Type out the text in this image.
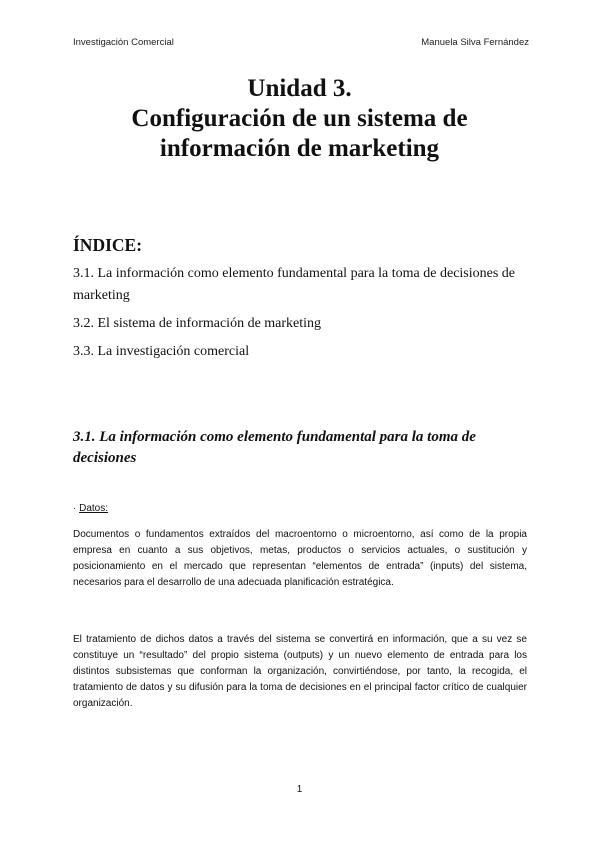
Investigación Comercial	Manuela Silva Fernández
Unidad 3.
Configuración de un sistema de
información de marketing
ÍNDICE:
3.1. La información como elemento fundamental para la toma de decisiones de marketing
3.2. El sistema de información de marketing
3.3. La investigación comercial
3.1. La información como elemento fundamental para la toma de decisiones
· Datos:
Documentos o fundamentos extraídos del macroentorno o microentorno, así como de la propia empresa en cuanto a sus objetivos, metas, productos o servicios actuales, o sustitución y posicionamiento en el mercado que representan “elementos de entrada” (inputs) del sistema, necesarios para el desarrollo de una adecuada planificación estratégica.
El tratamiento de dichos datos a través del sistema se convertirá en información, que a su vez se constituye un “resultado” del propio sistema (outputs) y un nuevo elemento de entrada para los distintos subsistemas que conforman la organización, convirtiéndose, por tanto, la recogida, el tratamiento de datos y su difusión para la toma de decisiones en el principal factor crítico de cualquier organización.
1
